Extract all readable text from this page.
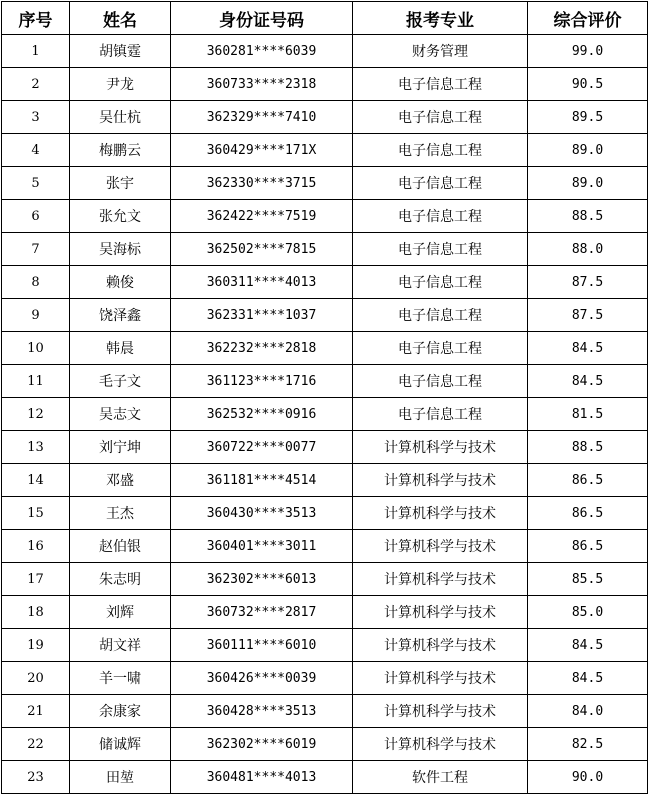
序号	姓名	身份证号码	报考专业	综合评价
1	胡镇霆	360281****6039	财务管理	99.0
2	尹龙	360733****2318	电子信息工程	90.5
3	吴仕杭	362329****7410	电子信息工程	89.5
4	梅鹏云	360429****171X	电子信息工程	89.0
5	张宇	362330****3715	电子信息工程	89.0
6	张允文	362422****7519	电子信息工程	88.5
7	吴海标	362502****7815	电子信息工程	88.0
8	赖俊	360311****4013	电子信息工程	87.5
9	饶泽鑫	362331****1037	电子信息工程	87.5
10	韩晨	362232****2818	电子信息工程	84.5
11	毛子文	361123****1716	电子信息工程	84.5
12	吴志文	362532****0916	电子信息工程	81.5
13	刘宁坤	360722****0077	计算机科学与技术	88.5
14	邓盛	361181****4514	计算机科学与技术	86.5
15	王杰	360430****3513	计算机科学与技术	86.5
16	赵伯银	360401****3011	计算机科学与技术	86.5
17	朱志明	362302****6013	计算机科学与技术	85.5
18	刘辉	360732****2817	计算机科学与技术	85.0
19	胡文祥	360111****6010	计算机科学与技术	84.5
20	羊一啸	360426****0039	计算机科学与技术	84.5
21	余康家	360428****3513	计算机科学与技术	84.0
22	储诚辉	362302****6019	计算机科学与技术	82.5
23	田堃	360481****4013	软件工程	90.0
